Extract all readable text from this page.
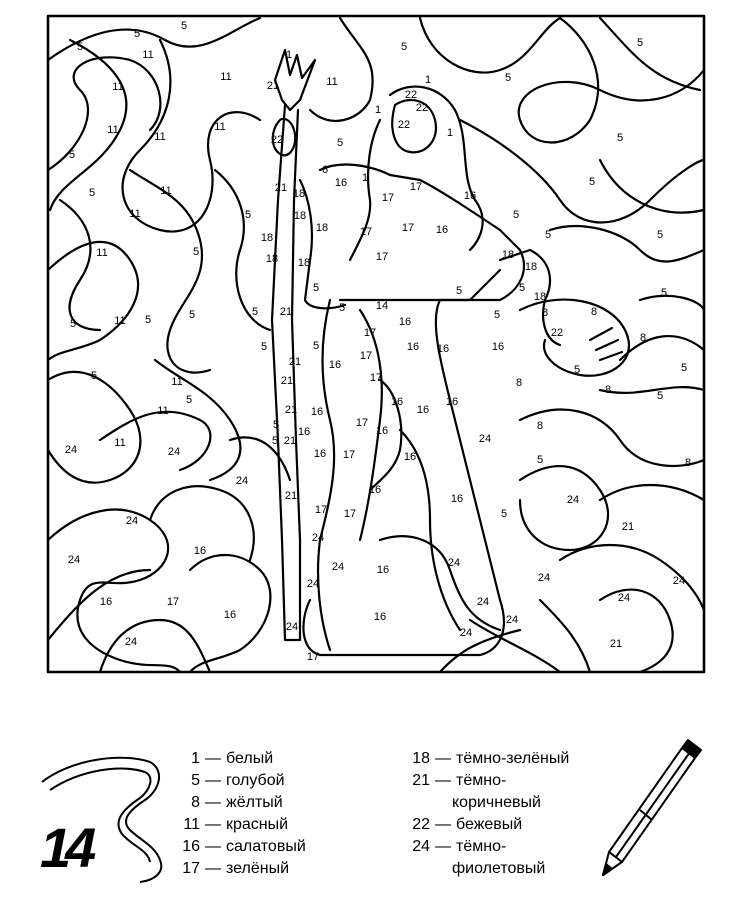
5
5
11
5
5
11
11
1
21	11
11
5
5
11
11
22
1
22
22
1
5
5
1
5
22
5
21
6
16 1
17
17
16
5	11
11	5
18
18
17	17
5
5
11
18
18
18	17
16
5
18
18
18
5
5	5	5
5
21	5	14
16
5
5
18
8
11 5	5
17
16 16
22	8
8
5
5
21
5
16
17
16
5	5
5	11
21
17
16
16
8
8
8
5
11
5
21 16
17
16
16
16
11
5
5 21
17
16	16
24
8
5
24	24
21	16
17
16
5
24
24
24
21
16
17
16
24
24
24
24
24
16	17
16
24
24
24
24
24
24
24
21
17
16
24
1 — белый
5 — голубой
8 — жёлтый
11 — красный
16 — салатовый
17 — зелёный
18 — тёмно-зелёный
21 — тёмно-
коричневый
22 — бежевый
24 — тёмно-
фиолетовый
14
